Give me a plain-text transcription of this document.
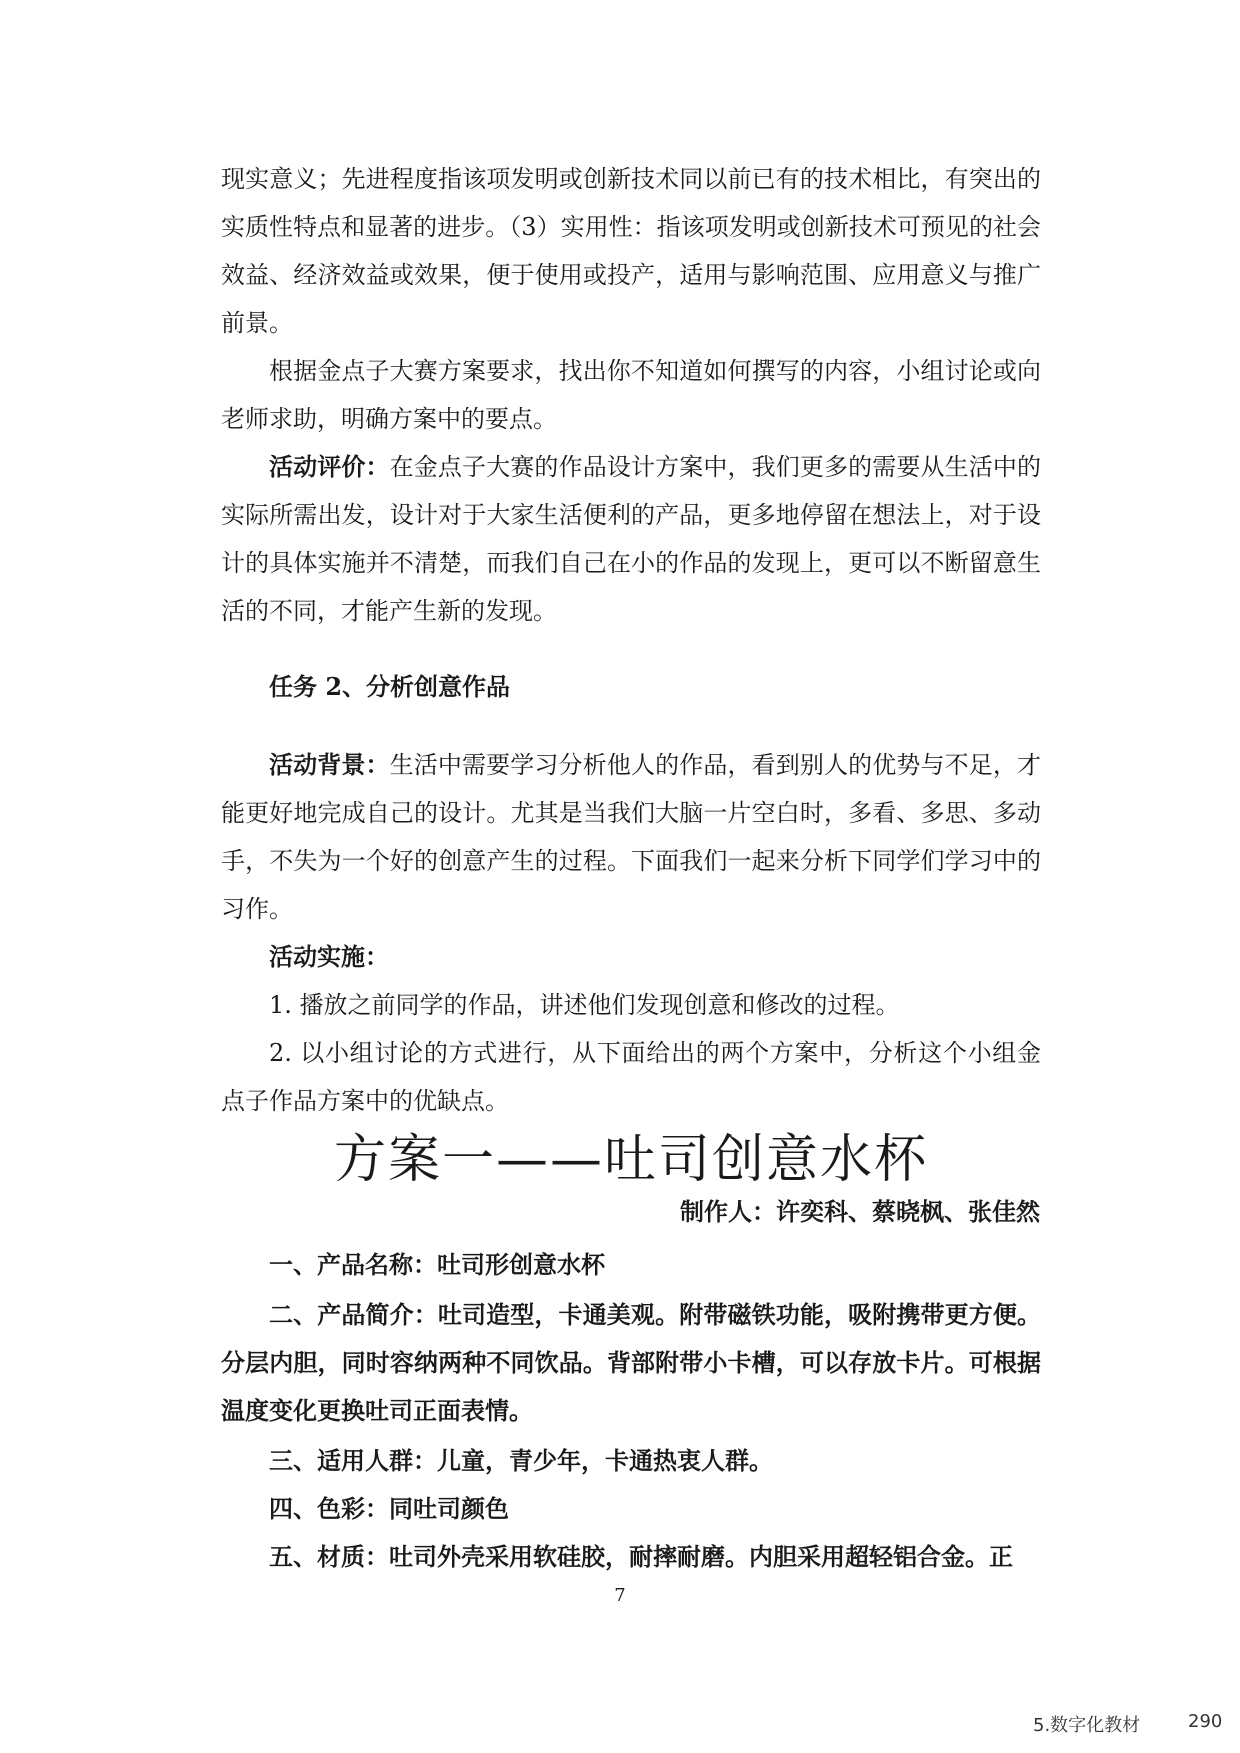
现实意义；先进程度指该项发明或创新技术同以前已有的技术相比，有突出的实质性特点和显著的进步。（3）实用性：指该项发明或创新技术可预见的社会效益、经济效益或效果，便于使用或投产，适用与影响范围、应用意义与推广前景。

根据金点子大赛方案要求，找出你不知道如何撰写的内容，小组讨论或向老师求助，明确方案中的要点。

活动评价：在金点子大赛的作品设计方案中，我们更多的需要从生活中的实际所需出发，设计对于大家生活便利的产品，更多地停留在想法上，对于设计的具体实施并不清楚，而我们自己在小的作品的发现上，更可以不断留意生活的不同，才能产生新的发现。

任务 2、分析创意作品

活动背景：生活中需要学习分析他人的作品，看到别人的优势与不足，才能更好地完成自己的设计。尤其是当我们大脑一片空白时，多看、多思、多动手，不失为一个好的创意产生的过程。下面我们一起来分析下同学们学习中的习作。

活动实施：

1. 播放之前同学的作品，讲述他们发现创意和修改的过程。

2. 以小组讨论的方式进行，从下面给出的两个方案中，分析这个小组金点子作品方案中的优缺点。

方案一——吐司创意水杯

制作人：许奕科、蔡晓枫、张佳然

一、产品名称：吐司形创意水杯

二、产品简介：吐司造型，卡通美观。附带磁铁功能，吸附携带更方便。分层内胆，同时容纳两种不同饮品。背部附带小卡槽，可以存放卡片。可根据温度变化更换吐司正面表情。

三、适用人群：儿童，青少年，卡通热衷人群。

四、色彩：同吐司颜色

五、材质：吐司外壳采用软硅胶，耐摔耐磨。内胆采用超轻铝合金。正

7
5.数字化教材	290
